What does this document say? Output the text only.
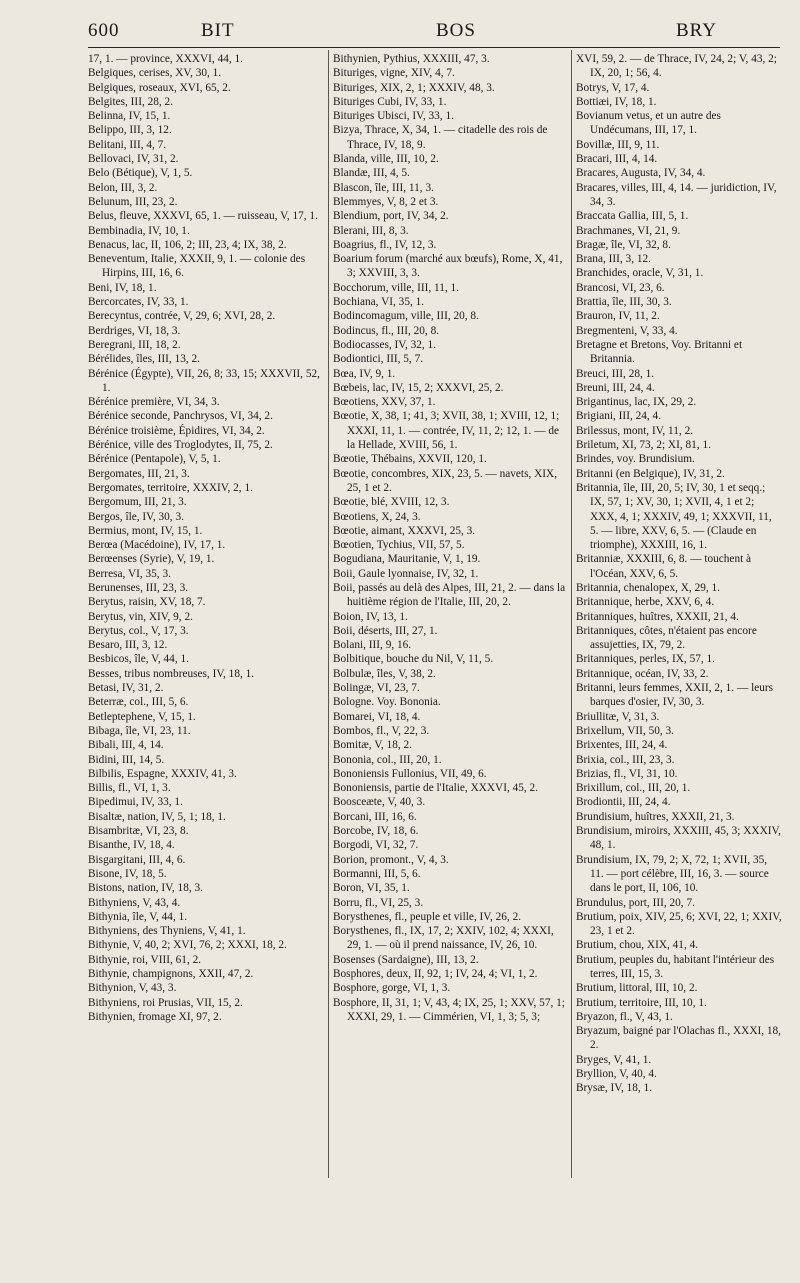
600	BIT	BOS	BRY

17, 1. — province, XXXVI, 44, 1.

Belgiques, cerises, XV, 30, 1.

Belgiques, roseaux, XVI, 65, 2.

Belgites, III, 28, 2.

Belinna, IV, 15, 1.

Belippo, III, 3, 12.

Belitani, III, 4, 7.

Bellovaci, IV, 31, 2.

Belo (Bétique), V, 1, 5.

Belon, III, 3, 2.

Belunum, III, 23, 2.

Belus, fleuve, XXXVI, 65, 1. — ruisseau, V, 17, 1.

Bembinadia, IV, 10, 1.

Benacus, lac, II, 106, 2; III, 23, 4; IX, 38, 2.

Beneventum, Italie, XXXII, 9, 1. — colonie des Hirpins, III, 16, 6.

Beni, IV, 18, 1.

Bercorcates, IV, 33, 1.

Berecyntus, contrée, V, 29, 6; XVI, 28, 2.

Berdriges, VI, 18, 3.

Beregrani, III, 18, 2.

Bérélides, îles, III, 13, 2.

Bérénice (Égypte), VII, 26, 8; 33, 15; XXXVII, 52, 1.

Bérénice première, VI, 34, 3.

Bérénice seconde, Panchrysos, VI, 34, 2.

Bérénice troisième, Épidires, VI, 34, 2.

Bérénice, ville des Troglodytes, II, 75, 2.

Bérénice (Pentapole), V, 5, 1.

Bergomates, III, 21, 3.

Bergomates, territoire, XXXIV, 2, 1.

Bergomum, III, 21, 3.

Bergos, île, IV, 30, 3.

Bermius, mont, IV, 15, 1.

Berœa (Macédoine), IV, 17, 1.

Berœenses (Syrie), V, 19, 1.

Berresa, VI, 35, 3.

Berunenses, III, 23, 3.

Berytus, raisin, XV, 18, 7.

Berytus, vin, XIV, 9, 2.

Berytus, col., V, 17, 3.

Besaro, III, 3, 12.

Besbicos, île, V, 44, 1.

Besses, tribus nombreuses, IV, 18, 1.

Betasi, IV, 31, 2.

Beterræ, col., III, 5, 6.

Betleptephene, V, 15, 1.

Bibaga, île, VI, 23, 11.

Bibali, III, 4, 14.

Bidini, III, 14, 5.

Bilbilis, Espagne, XXXIV, 41, 3.

Billis, fl., VI, 1, 3.

Bipedimui, IV, 33, 1.

Bisaltæ, nation, IV, 5, 1; 18, 1.

Bisambritæ, VI, 23, 8.

Bisanthe, IV, 18, 4.

Bisgargitani, III, 4, 6.

Bisone, IV, 18, 5.

Bistons, nation, IV, 18, 3.

Bithyniens, V, 43, 4.

Bithynia, île, V, 44, 1.

Bithyniens, des Thyniens, V, 41, 1.

Bithynie, V, 40, 2; XVI, 76, 2; XXXI, 18, 2.

Bithynie, roi, VIII, 61, 2.

Bithynie, champignons, XXII, 47, 2.

Bithynion, V, 43, 3.

Bithyniens, roi Prusias, VII, 15, 2.

Bithynien, fromage XI, 97, 2.

Bithynien, Pythius, XXXIII, 47, 3.

Bituriges, vigne, XIV, 4, 7.

Bituriges, XIX, 2, 1; XXXIV, 48, 3.

Bituriges Cubi, IV, 33, 1.

Bituriges Ubisci, IV, 33, 1.

Bizya, Thrace, X, 34, 1. — citadelle des rois de Thrace, IV, 18, 9.

Blanda, ville, III, 10, 2.

Blandæ, III, 4, 5.

Blascon, île, III, 11, 3.

Blemmyes, V, 8, 2 et 3.

Blendium, port, IV, 34, 2.

Blerani, III, 8, 3.

Boagrius, fl., IV, 12, 3.

Boarium forum (marché aux bœufs), Rome, X, 41, 3; XXVIII, 3, 3.

Bocchorum, ville, III, 11, 1.

Bochiana, VI, 35, 1.

Bodincomagum, ville, III, 20, 8.

Bodincus, fl., III, 20, 8.

Bodiocasses, IV, 32, 1.

Bodiontici, III, 5, 7.

Bœa, IV, 9, 1.

Bœbeis, lac, IV, 15, 2; XXXVI, 25, 2.

Bœotiens, XXV, 37, 1.

Bœotie, X, 38, 1; 41, 3; XVII, 38, 1; XVIII, 12, 1; XXXI, 11, 1. — contrée, IV, 11, 2; 12, 1. — de la Hellade, XVIII, 56, 1.

Bœotie, Thébains, XXVII, 120, 1.

Bœotie, concombres, XIX, 23, 5. — navets, XIX, 25, 1 et 2.

Bœotie, blé, XVIII, 12, 3.

Bœotiens, X, 24, 3.

Bœotie, aimant, XXXVI, 25, 3.

Bœotien, Tychius, VII, 57, 5.

Bogudiana, Mauritanie, V, 1, 19.

Boii, Gaule lyonnaise, IV, 32, 1.

Boii, passés au delà des Alpes, III, 21, 2. — dans la huitième région de l'Italie, III, 20, 2.

Boion, IV, 13, 1.

Boii, déserts, III, 27, 1.

Bolani, III, 9, 16.

Bolbitique, bouche du Nil, V, 11, 5.

Bolbulæ, îles, V, 38, 2.

Bolingæ, VI, 23, 7.

Bologne. Voy. Bononia.

Bomarei, VI, 18, 4.

Bombos, fl., V, 22, 3.

Bomitæ, V, 18, 2.

Bononia, col., III, 20, 1.

Bononiensis Fullonius, VII, 49, 6.

Bononiensis, partie de l'Italie, XXXVI, 45, 2.

Boosceæte, V, 40, 3.

Borcani, III, 16, 6.

Borcobe, IV, 18, 6.

Borgodi, VI, 32, 7.

Borion, promont., V, 4, 3.

Bormanni, III, 5, 6.

Boron, VI, 35, 1.

Borru, fl., VI, 25, 3.

Borysthenes, fl., peuple et ville, IV, 26, 2.

Borysthenes, fl., IX, 17, 2; XXIV, 102, 4; XXXI, 29, 1. — où il prend naissance, IV, 26, 10.

Bosenses (Sardaigne), III, 13, 2.

Bosphores, deux, II, 92, 1; IV, 24, 4; VI, 1, 2.

Bosphore, gorge, VI, 1, 3.

Bosphore, II, 31, 1; V, 43, 4; IX, 25, 1; XXV, 57, 1; XXXI, 29, 1. — Cimmérien, VI, 1, 3; 5, 3;

XVI, 59, 2. — de Thrace, IV, 24, 2; V, 43, 2; IX, 20, 1; 56, 4.

Botrys, V, 17, 4.

Bottiæi, IV, 18, 1.

Bovianum vetus, et un autre des Undécumans, III, 17, 1.

Bovillæ, III, 9, 11.

Bracari, III, 4, 14.

Bracares, Augusta, IV, 34, 4.

Bracares, villes, III, 4, 14. — juridiction, IV, 34, 3.

Braccata Gallia, III, 5, 1.

Brachmanes, VI, 21, 9.

Bragæ, île, VI, 32, 8.

Brana, III, 3, 12.

Branchides, oracle, V, 31, 1.

Brancosi, VI, 23, 6.

Brattia, île, III, 30, 3.

Brauron, IV, 11, 2.

Bregmenteni, V, 33, 4.

Bretagne et Bretons, Voy. Britanni et Britannia.

Breuci, III, 28, 1.

Breuni, III, 24, 4.

Brigantinus, lac, IX, 29, 2.

Brigiani, III, 24, 4.

Brilessus, mont, IV, 11, 2.

Briletum, XI, 73, 2; XI, 81, 1.

Brindes, voy. Brundisium.

Britanni (en Belgique), IV, 31, 2.

Britannia, île, III, 20, 5; IV, 30, 1 et seqq.; IX, 57, 1; XV, 30, 1; XVII, 4, 1 et 2; XXX, 4, 1; XXXIV, 49, 1; XXXVII, 11, 5. — libre, XXV, 6, 5. — (Claude en triomphe), XXXIII, 16, 1.

Britanniæ, XXXIII, 6, 8. — touchent à l'Océan, XXV, 6, 5.

Britannia, chenalopex, X, 29, 1.

Britannique, herbe, XXV, 6, 4.

Britanniques, huîtres, XXXII, 21, 4.

Britanniques, côtes, n'étaient pas encore assujetties, IX, 79, 2.

Britanniques, perles, IX, 57, 1.

Britannique, océan, IV, 33, 2.

Britanni, leurs femmes, XXII, 2, 1. — leurs barques d'osier, IV, 30, 3.

Briullitæ, V, 31, 3.

Brixellum, VII, 50, 3.

Brixentes, III, 24, 4.

Brixia, col., III, 23, 3.

Brizias, fl., VI, 31, 10.

Brixillum, col., III, 20, 1.

Brodiontii, III, 24, 4.

Brundisium, huîtres, XXXII, 21, 3.

Brundisium, miroirs, XXXIII, 45, 3; XXXIV, 48, 1.

Brundisium, IX, 79, 2; X, 72, 1; XVII, 35, 11. — port célèbre, III, 16, 3. — source dans le port, II, 106, 10.

Brundulus, port, III, 20, 7.

Brutium, poix, XIV, 25, 6; XVI, 22, 1; XXIV, 23, 1 et 2.

Brutium, chou, XIX, 41, 4.

Brutium, peuples du, habitant l'intérieur des terres, III, 15, 3.

Brutium, littoral, III, 10, 2.

Brutium, territoire, III, 10, 1.

Bryazon, fl., V, 43, 1.

Bryazum, baigné par l'Olachas fl., XXXI, 18, 2.

Bryges, V, 41, 1.

Bryllion, V, 40, 4.

Brysæ, IV, 18, 1.
